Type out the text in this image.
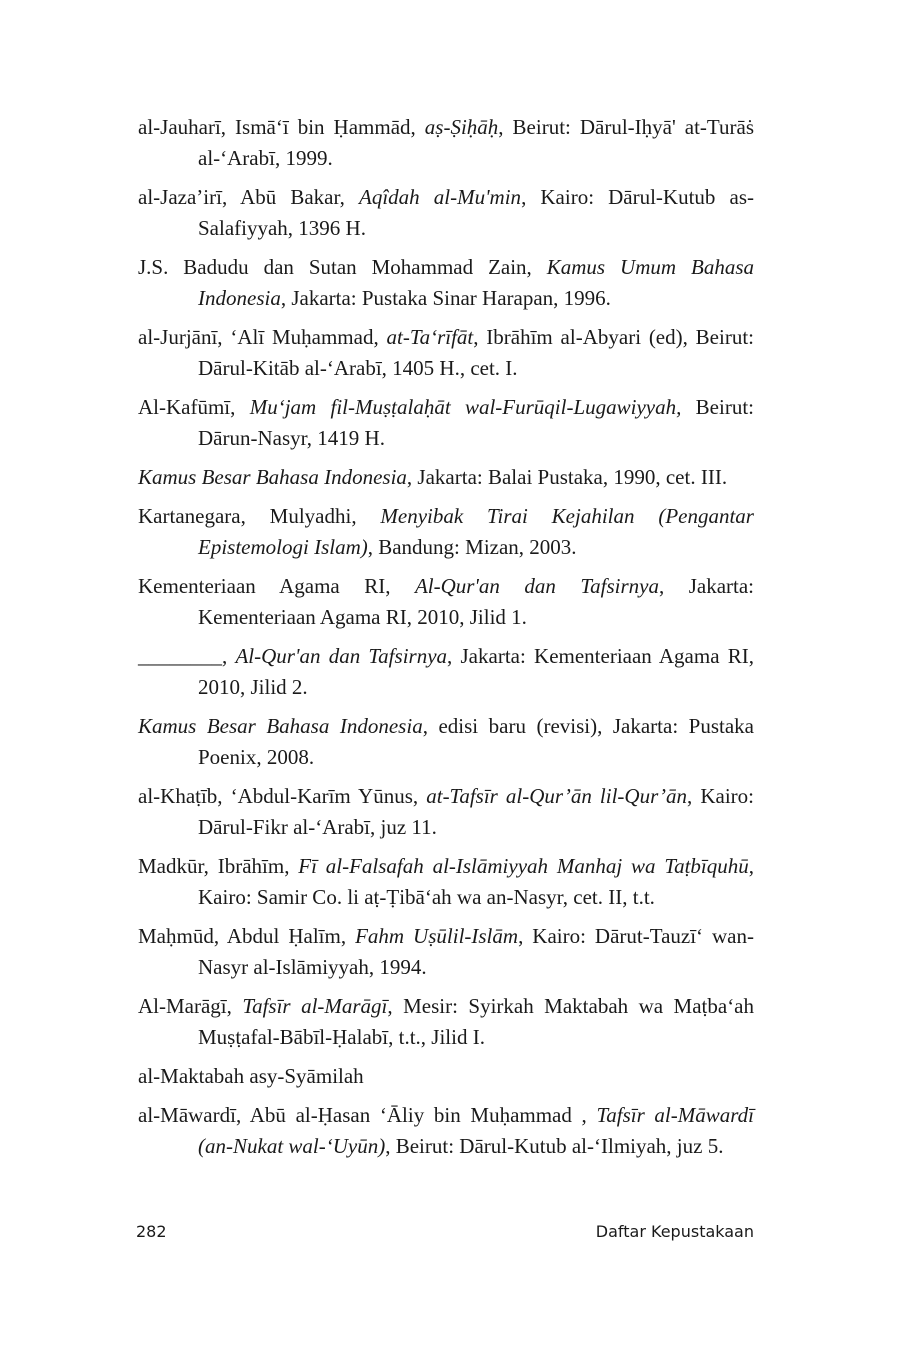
al-Jauharī, Ismā‘ī bin Ḥammād, aṣ-Ṣiḥāḥ, Beirut: Dārul-Iḥyā' at-Turāṡ al-‘Arabī, 1999.

al-Jaza’irī, Abū Bakar, Aqîdah al-Mu'min, Kairo: Dārul-Kutub as-Salafiyyah, 1396 H.

J.S. Badudu dan Sutan Mohammad Zain, Kamus Umum Bahasa Indonesia, Jakarta: Pustaka Sinar Harapan, 1996.

al-Jurjānī, ‘Alī Muḥammad, at-Ta‘rīfāt, Ibrāhīm al-Abyari (ed), Beirut: Dārul-Kitāb al-‘Arabī, 1405 H., cet. I.

Al-Kafūmī, Mu‘jam fil-Muṣṭalaḥāt wal-Furūqil-Lugawiyyah, Beirut: Dārun-Nasyr, 1419 H.

Kamus Besar Bahasa Indonesia, Jakarta: Balai Pustaka, 1990, cet. III.

Kartanegara, Mulyadhi, Menyibak Tirai Kejahilan (Pengantar Epistemologi Islam), Bandung: Mizan, 2003.

Kementeriaan Agama RI, Al-Qur'an dan Tafsirnya, Jakarta: Kementeriaan Agama RI, 2010, Jilid 1.

________, Al-Qur'an dan Tafsirnya, Jakarta: Kementeriaan Agama RI, 2010, Jilid 2.

Kamus Besar Bahasa Indonesia, edisi baru (revisi), Jakarta: Pustaka Poenix, 2008.

al-Khaṭīb, ‘Abdul-Karīm Yūnus, at-Tafsīr al-Qur’ān lil-Qur’ān, Kairo: Dārul-Fikr al-‘Arabī, juz 11.

Madkūr, Ibrāhīm, Fī al-Falsafah al-Islāmiyyah Manhaj wa Taṭbīquhū, Kairo: Samir Co. li aṭ-Ṭibā‘ah wa an-Nasyr, cet. II, t.t.

Maḥmūd, Abdul Ḥalīm, Fahm Uṣūlil-Islām, Kairo: Dārut-Tauzī‘ wan-Nasyr al-Islāmiyyah, 1994.

Al-Marāgī, Tafsīr al-Marāgī, Mesir: Syirkah Maktabah wa Maṭba‘ah Muṣṭafal-Bābīl-Ḥalabī, t.t., Jilid I.

al-Maktabah asy-Syāmilah

al-Māwardī, Abū al-Ḥasan ‘Āliy bin Muḥammad , Tafsīr al-Māwardī (an-Nukat wal-‘Uyūn), Beirut: Dārul-Kutub al-‘Ilmiyah, juz 5.

282	Daftar Kepustakaan
